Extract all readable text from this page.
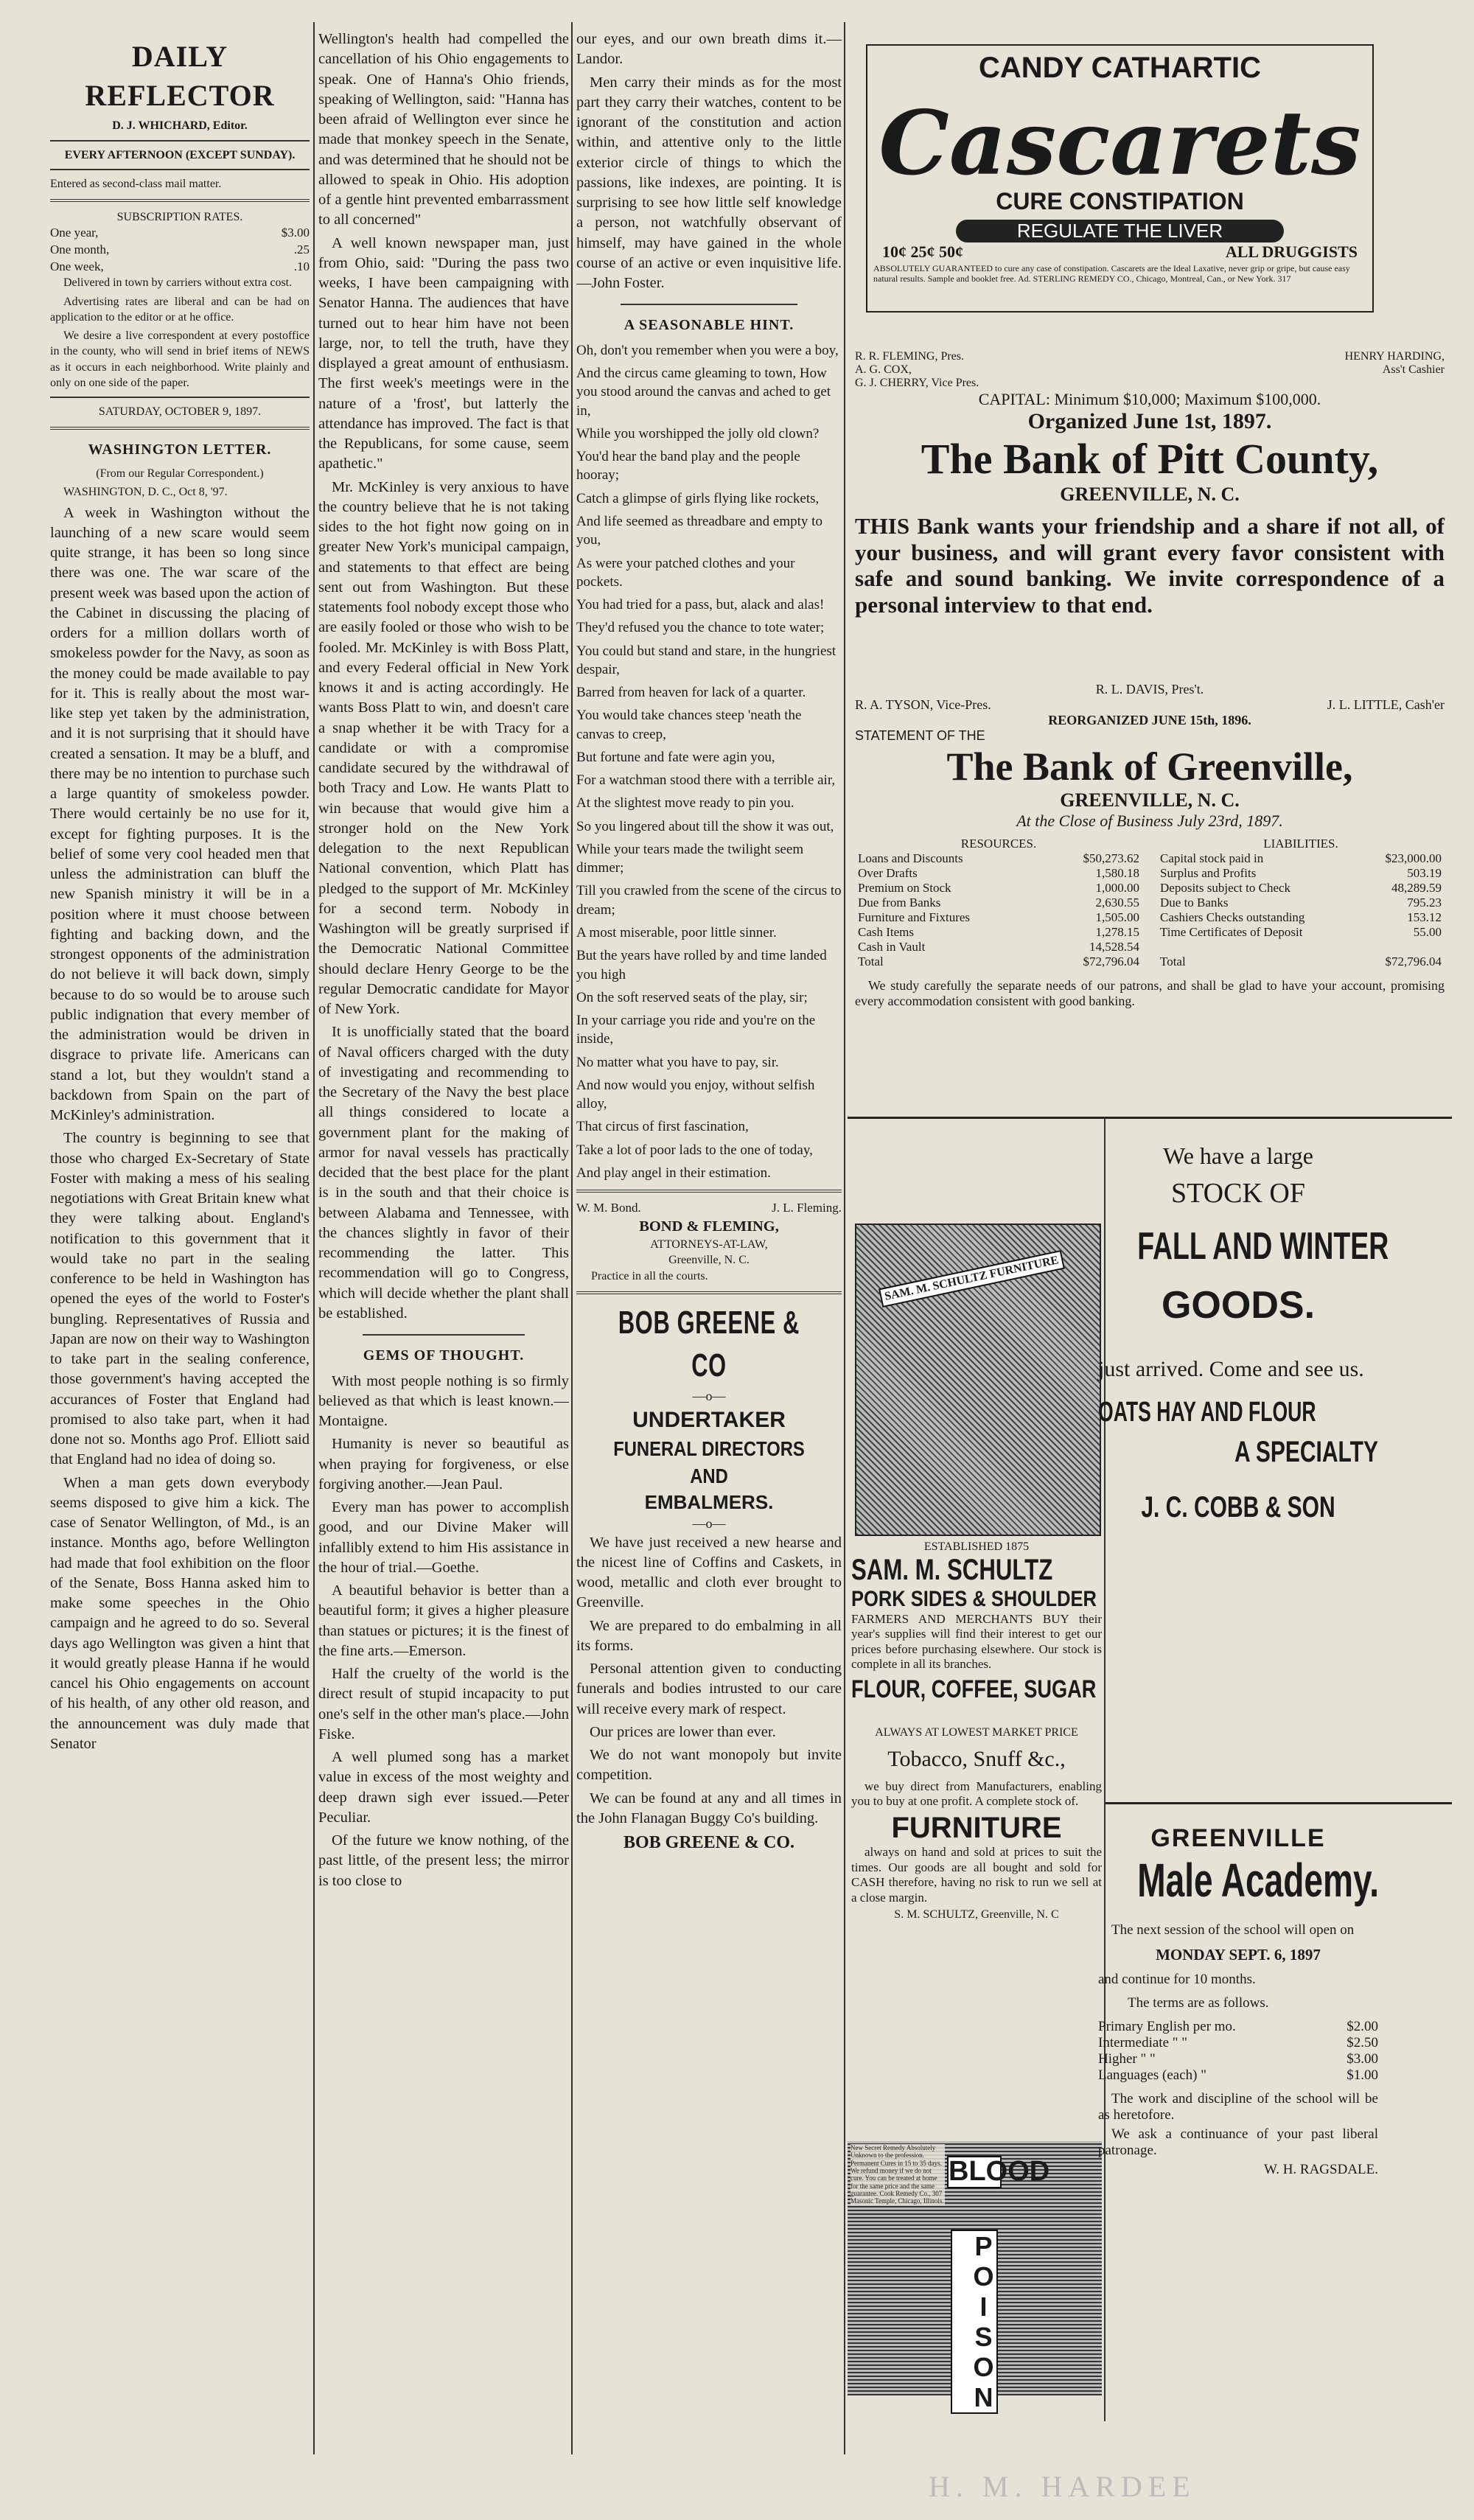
DAILY REFLECTOR
D. J. WHICHARD, Editor.
EVERY AFTERNOON (EXCEPT SUNDAY).
Entered as second-class mail matter.
SUBSCRIPTION RATES.
One year,	$3.00
One month,	.25
One week,	.10

Delivered in town by carriers without extra cost.

Advertising rates are liberal and can be had on application to the editor or at he office.

We desire a live correspondent at every postoffice in the county, who will send in brief items of NEWS as it occurs in each neighborhood. Write plainly and only on one side of the paper.

SATURDAY, OCTOBER 9, 1897.
WASHINGTON LETTER.
(From our Regular Correspondent.)
WASHINGTON, D. C., Oct 8, '97.

A week in Washington without the launching of a new scare would seem quite strange, it has been so long since there was one. The war scare of the present week was based upon the action of the Cabinet in discussing the placing of orders for a million dollars worth of smokeless powder for the Navy, as soon as the money could be made available to pay for it. This is really about the most war-like step yet taken by the administration, and it is not surprising that it should have created a sensation. It may be a bluff, and there may be no intention to purchase such a large quantity of smokeless powder. There would certainly be no use for it, except for fighting purposes. It is the belief of some very cool headed men that unless the administration can bluff the new Spanish ministry it will be in a position where it must choose between fighting and backing down, and the strongest opponents of the administration do not believe it will back down, simply because to do so would be to arouse such public indignation that every member of the administration would be driven in disgrace to private life. Americans can stand a lot, but they wouldn't stand a backdown from Spain on the part of McKinley's administration.

The country is beginning to see that those who charged Ex-Secretary of State Foster with making a mess of his sealing negotiations with Great Britain knew what they were talking about. England's notification to this government that it would take no part in the sealing conference to be held in Washington has opened the eyes of the world to Foster's bungling. Representatives of Russia and Japan are now on their way to Washington to take part in the sealing conference, those government's having accepted the accurances of Foster that England had promised to also take part, when it had done not so. Months ago Prof. Elliott said that England had no idea of doing so.

When a man gets down everybody seems disposed to give him a kick. The case of Senator Wellington, of Md., is an instance. Months ago, before Wellington had made that fool exhibition on the floor of the Senate, Boss Hanna asked him to make some speeches in the Ohio campaign and he agreed to do so. Several days ago Wellington was given a hint that it would greatly please Hanna if he would cancel his Ohio engagements on account of his health, of any other old reason, and the announcement was duly made that Senator

Wellington's health had compelled the cancellation of his Ohio engagements to speak. One of Hanna's Ohio friends, speaking of Wellington, said: "Hanna has been afraid of Wellington ever since he made that monkey speech in the Senate, and was determined that he should not be allowed to speak in Ohio. His adoption of a gentle hint prevented embarrassment to all concerned"

A well known newspaper man, just from Ohio, said: "During the pass two weeks, I have been campaigning with Senator Hanna. The audiences that have turned out to hear him have not been large, nor, to tell the truth, have they displayed a great amount of enthusiasm. The first week's meetings were in the nature of a 'frost', but latterly the attendance has improved. The fact is that the Republicans, for some cause, seem apathetic."

Mr. McKinley is very anxious to have the country believe that he is not taking sides to the hot fight now going on in greater New York's municipal campaign, and statements to that effect are being sent out from Washington. But these statements fool nobody except those who are easily fooled or those who wish to be fooled. Mr. McKinley is with Boss Platt, and every Federal official in New York knows it and is acting accordingly. He wants Boss Platt to win, and doesn't care a snap whether it be with Tracy for a candidate or with a compromise candidate secured by the withdrawal of both Tracy and Low. He wants Platt to win because that would give him a stronger hold on the New York delegation to the next Republican National convention, which Platt has pledged to the support of Mr. McKinley for a second term. Nobody in Washington will be greatly surprised if the Democratic National Committee should declare Henry George to be the regular Democratic candidate for Mayor of New York.

It is unofficially stated that the board of Naval officers charged with the duty of investigating and recommending to the Secretary of the Navy the best place all things considered to locate a government plant for the making of armor for naval vessels has practically decided that the best place for the plant is in the south and that their choice is between Alabama and Tennessee, with the chances slightly in favor of their recommending the latter. This recommendation will go to Congress, which will decide whether the plant shall be established.

GEMS OF THOUGHT.

With most people nothing is so firmly believed as that which is least known.—Montaigne.

Humanity is never so beautiful as when praying for forgiveness, or else forgiving another.—Jean Paul.

Every man has power to accomplish good, and our Divine Maker will infallibly extend to him His assistance in the hour of trial.—Goethe.

A beautiful behavior is better than a beautiful form; it gives a higher pleasure than statues or pictures; it is the finest of the fine arts.—Emerson.

Half the cruelty of the world is the direct result of stupid incapacity to put one's self in the other man's place.—John Fiske.

A well plumed song has a market value in excess of the most weighty and deep drawn sigh ever issued.—Peter Peculiar.

Of the future we know nothing, of the past little, of the present less; the mirror is too close to

our eyes, and our own breath dims it.—Landor.

Men carry their minds as for the most part they carry their watches, content to be ignorant of the constitution and action within, and attentive only to the little exterior circle of things to which the passions, like indexes, are pointing. It is surprising to see how little self knowledge a person, not watchfully observant of himself, may have gained in the whole course of an active or even inquisitive life.—John Foster.

A SEASONABLE HINT.

Oh, don't you remember when you were a boy,

And the circus came gleaming to town, How you stood around the canvas and ached to get in,

While you worshipped the jolly old clown?

You'd hear the band play and the people hooray;

Catch a glimpse of girls flying like rockets,

And life seemed as threadbare and empty to you,

As were your patched clothes and your pockets.

You had tried for a pass, but, alack and alas!

They'd refused you the chance to tote water;

You could but stand and stare, in the hungriest despair,

Barred from heaven for lack of a quarter.

You would take chances steep 'neath the canvas to creep,

But fortune and fate were agin you,

For a watchman stood there with a terrible air,

At the slightest move ready to pin you.

So you lingered about till the show it was out,

While your tears made the twilight seem dimmer;

Till you crawled from the scene of the circus to dream;

A most miserable, poor little sinner.

But the years have rolled by and time landed you high

On the soft reserved seats of the play, sir;

In your carriage you ride and you're on the inside,

No matter what you have to pay, sir.

And now would you enjoy, without selfish alloy,

That circus of first fascination,

Take a lot of poor lads to the one of today,

And play angel in their estimation.

W. M. Bond.	J. L. Fleming.
BOND & FLEMING,
ATTORNEYS-AT-LAW,
Greenville, N. C.
Practice in all the courts.
BOB GREENE & CO
—o—
UNDERTAKER
FUNERAL DIRECTORS AND
EMBALMERS.
—o—

We have just received a new hearse and the nicest line of Coffins and Caskets, in wood, metallic and cloth ever brought to Greenville.

We are prepared to do embalming in all its forms.

Personal attention given to conducting funerals and bodies intrusted to our care will receive every mark of respect.

Our prices are lower than ever.

We do not want monopoly but invite competition.

We can be found at any and all times in the John Flanagan Buggy Co's building.

BOB GREENE & CO.
CANDY CATHARTIC
Cascarets
CURE CONSTIPATION
REGULATE THE LIVER
10¢ 25¢ 50¢	ALL DRUGGISTS
ABSOLUTELY GUARANTEED to cure any case of constipation. Cascarets are the Ideal Laxative, never grip or gripe, but cause easy natural results. Sample and booklet free. Ad. STERLING REMEDY CO., Chicago, Montreal, Can., or New York. 317
R. R. FLEMING, Pres.
A. G. COX,
G. J. CHERRY, Vice Pres.
HENRY HARDING,
Ass't Cashier
CAPITAL: Minimum $10,000; Maximum $100,000.
Organized June 1st, 1897.
The Bank of Pitt County,
GREENVILLE, N. C.

THIS Bank wants your friendship and a share if not all, of your business, and will grant every favor consistent with safe and sound banking. We invite correspondence of a personal interview to that end.

R. L. DAVIS, Pres't.
R. A. TYSON, Vice-Pres.	J. L. LITTLE, Cash'er
REORGANIZED JUNE 15th, 1896.
STATEMENT OF THE
The Bank of Greenville,
GREENVILLE, N. C.
At the Close of Business July 23rd, 1897.
RESOURCES.	
Loans and Discounts	$50,273.62
Over Drafts	1,580.18
Premium on Stock	1,000.00
Due from Banks	2,630.55
Furniture and Fixtures	1,505.00
Cash Items	1,278.15
Cash in Vault	14,528.54
Total	$72,796.04
LIABILITIES.	
Capital stock paid in	$23,000.00
Surplus and Profits	503.19
Deposits subject to Check	48,289.59
Due to Banks	795.23
Cashiers Checks outstanding	153.12
Time Certificates of Deposit	55.00

Total	$72,796.04

We study carefully the separate needs of our patrons, and shall be glad to have your account, promising every accommodation consistent with good banking.

SAM. M. SCHULTZ FURNITURE
ESTABLISHED 1875
SAM. M. SCHULTZ
PORK SIDES & SHOULDER

FARMERS AND MERCHANTS BUY their year's supplies will find their interest to get our prices before purchasing elsewhere. Our stock is complete in all its branches.

FLOUR, COFFEE, SUGAR
ALWAYS AT LOWEST MARKET PRICE
Tobacco, Snuff &c.,

we buy direct from Manufacturers, enabling you to buy at one profit. A complete stock of.

FURNITURE

always on hand and sold at prices to suit the times. Our goods are all bought and sold for CASH therefore, having no risk to run we sell at a close margin.

S. M. SCHULTZ, Greenville, N. C
New Secret Remedy Absolutely Unknown to the profession. Permanent Cures in 15 to 35 days. We refund money if we do not cure. You can be treated at home for the same price and the same guarantee. Cook Remedy Co., 307 Masonic Temple, Chicago, Illinois.
BLOOD
POISON
We have a large
STOCK OF
FALL AND WINTER
GOODS.
just arrived. Come and see us.
OATS HAY AND FLOUR
A SPECIALTY
J. C. COBB & SON
GREENVILLE
Male Academy.

The next session of the school will open on

MONDAY SEPT. 6, 1897
and continue for 10 months.
The terms are as follows.
Primary English per mo.	$2.00
Intermediate " "	$2.50
Higher " "	$3.00
Languages (each) "	$1.00

The work and discipline of the school will be as heretofore.

We ask a continuance of your past liberal patronage.

W. H. RAGSDALE.
H. M. HARDEE
